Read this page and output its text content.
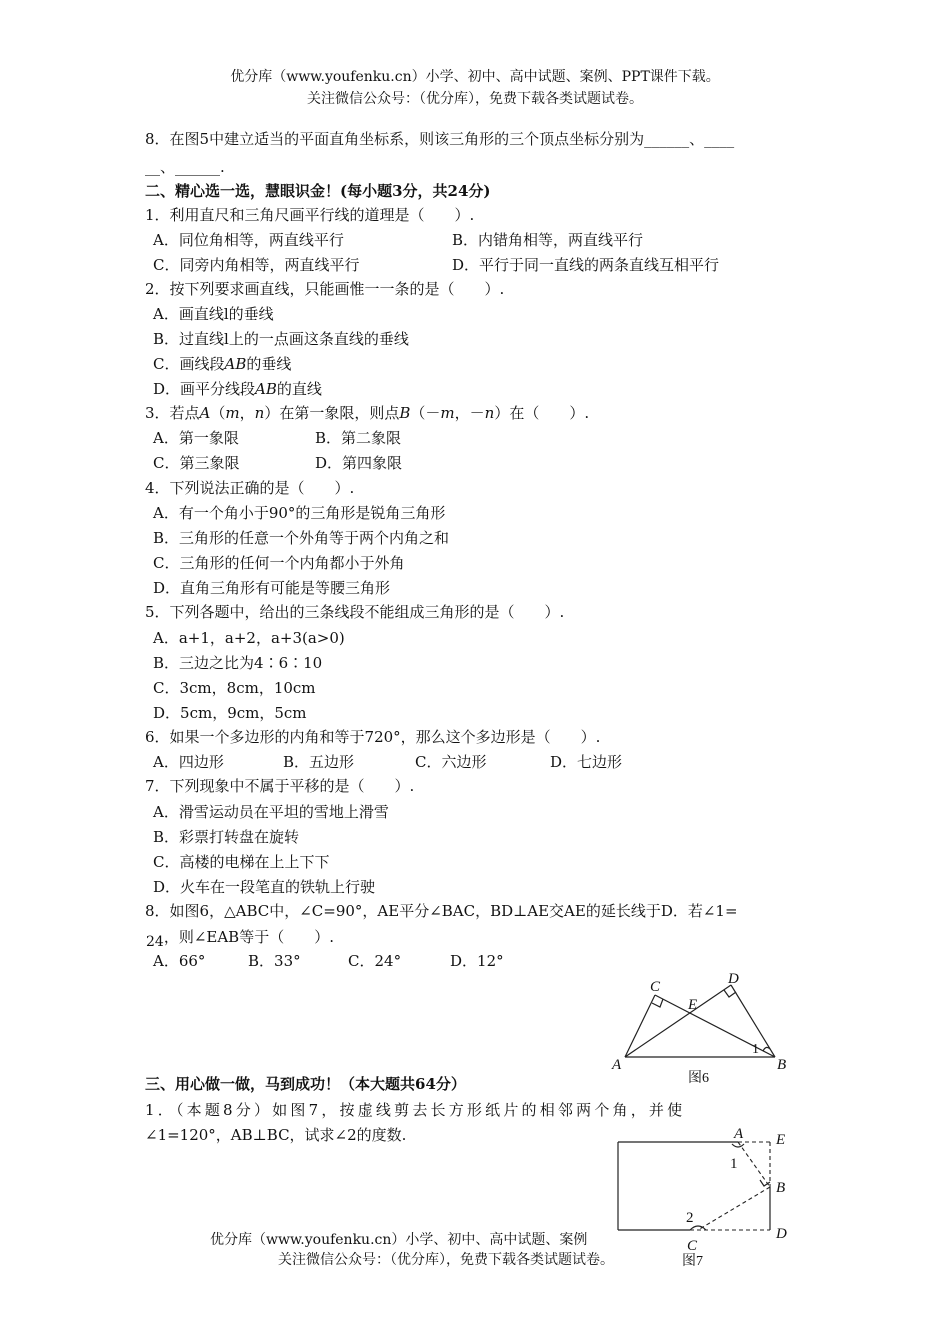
优分库（www.youfenku.cn）小学、初中、高中试题、案例、PPT课件下载。
关注微信公众号：（优分库），免费下载各类试题试卷。
8．在图5中建立适当的平面直角坐标系，则该三角形的三个顶点坐标分别为______、____
__、______.
二、精心选一选，慧眼识金！(每小题3分，共24分)
1．利用直尺和三角尺画平行线的道理是（　　）.
A．同位角相等，两直线平行	B．内错角相等，两直线平行
C．同旁内角相等，两直线平行	D．平行于同一直线的两条直线互相平行
2．按下列要求画直线，只能画惟一一条的是（　　）.
A．画直线l的垂线
B．过直线l上的一点画这条直线的垂线
C．画线段AB的垂线
D．画平分线段AB的直线
3．若点A（m，n）在第一象限，则点B（－m，－n）在（　　）.
A．第一象限	B．第二象限
C．第三象限	D．第四象限
4．下列说法正确的是（　　）.
A．有一个角小于90°的三角形是锐角三角形
B．三角形的任意一个外角等于两个内角之和
C．三角形的任何一个内角都小于外角
D．直角三角形有可能是等腰三角形
5．下列各题中，给出的三条线段不能组成三角形的是（　　）.
A．a+1，a+2，a+3(a>0)
B．三边之比为4∶6∶10
C．3cm，8cm，10cm
D．5cm，9cm，5cm
6．如果一个多边形的内角和等于720°，那么这个多边形是（　　）.
A．四边形	B．五边形	C．六边形	D．七边形
7．下列现象中不属于平移的是（　　）.
A．滑雪运动员在平坦的雪地上滑雪
B．彩票打转盘在旋转
C．高楼的电梯在上上下下
D．火车在一段笔直的铁轨上行驶
8．如图6，△ABC中，∠C=90°，AE平分∠BAC，BD⊥AE交AE的延长线于D．若∠1=
24，则∠EAB等于（　　）.
A．66°	B．33°	C．24°	D．12°
C	D
E
A	B
1
图6
三、用心做一做，马到成功！（本大题共64分）
1．（本题8分）如图7，按虚线剪去长方形纸片的相邻两个角，并使
∠1=120°，AB⊥BC，试求∠2的度数.	A E
B
C
D
1
2
图7
优分库（www.youfenku.cn）小学、初中、高中试题、案例
关注微信公众号：（优分库），免费下载各类试题试卷。
